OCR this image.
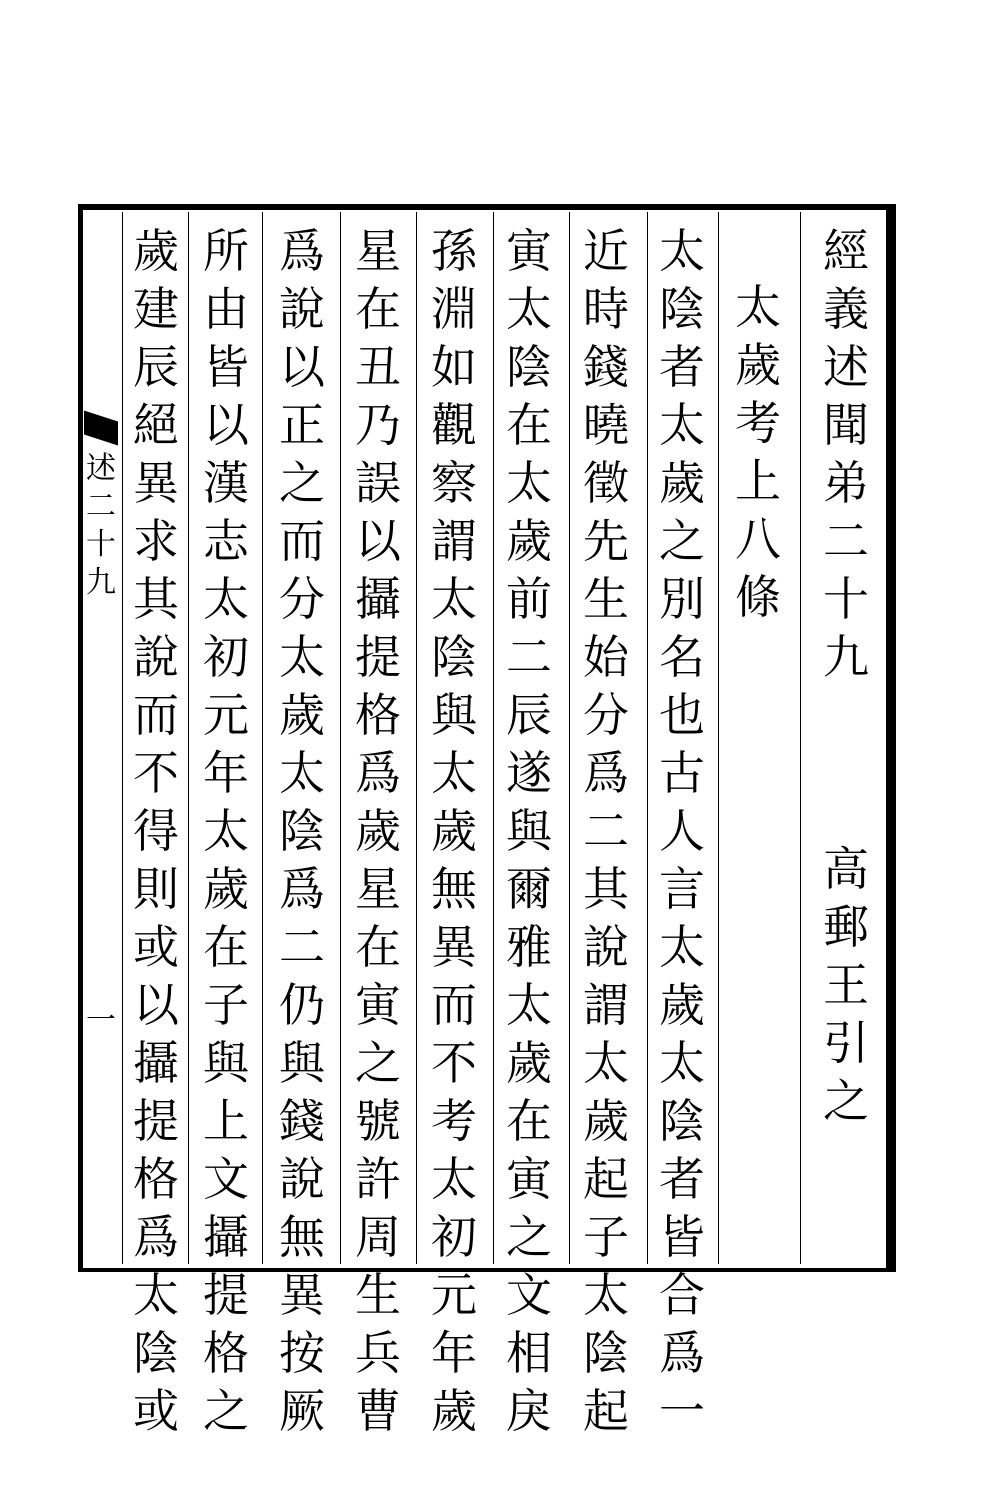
述二十九
一
經義述聞弟二十九
太歲考上八條
高郵王引之
太陰者太歲之別名也古人言太歲太陰者皆合爲一
近時錢曉徵先生始分爲二其說謂太歲起子太陰起
寅太陰在太歲前二辰遂與爾雅太歲在寅之文相戾
孫淵如觀察謂太陰與太歲無異而不考太初元年歲
星在丑乃誤以攝提格爲歲星在寅之號許周生兵曹
爲說以正之而分太歲太陰爲二仍與錢說無異按厥
所由皆以漢志太初元年太歲在子與上文攝提格之
歲建辰絕異求其說而不得則或以攝提格爲太陰或
